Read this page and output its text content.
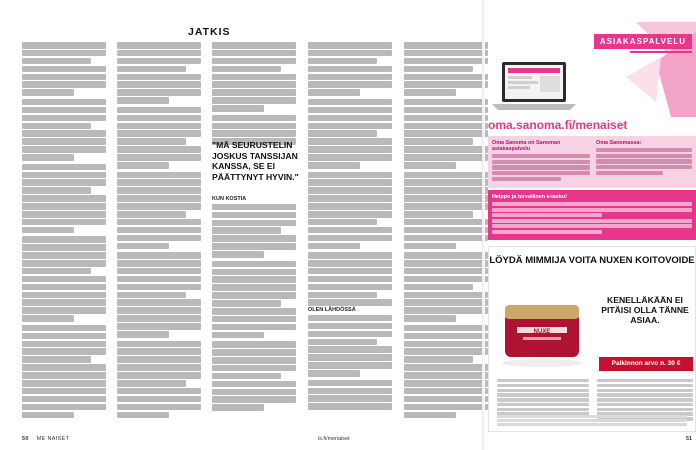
JATKIS
KUN KOSTIA
"MÄ SEURUSTELIN JOSKUS TANSSIJAN KANSSA, SE EI PÄÄTTYNYT HYVIN."
OLEN LÄHDÖSSÄ
50 ME NAISET	is.fi/menaiset
ASIAKASPALVELU
oma.sanoma.fi/menaiset
Oma Sanoma on Sanoman asiakaspalvelu
Oma Sanomassa:
Helppo ja turvallinen e-lasku!
LÖYDÄ MIMMIJA VOITA NUXEN KOITOVOIDE
NUXE
KENELLÄKÄÄN EI PITÄISI OLLA TÄNNE ASIAA.
Palkinnon arvo n. 30 €
51
